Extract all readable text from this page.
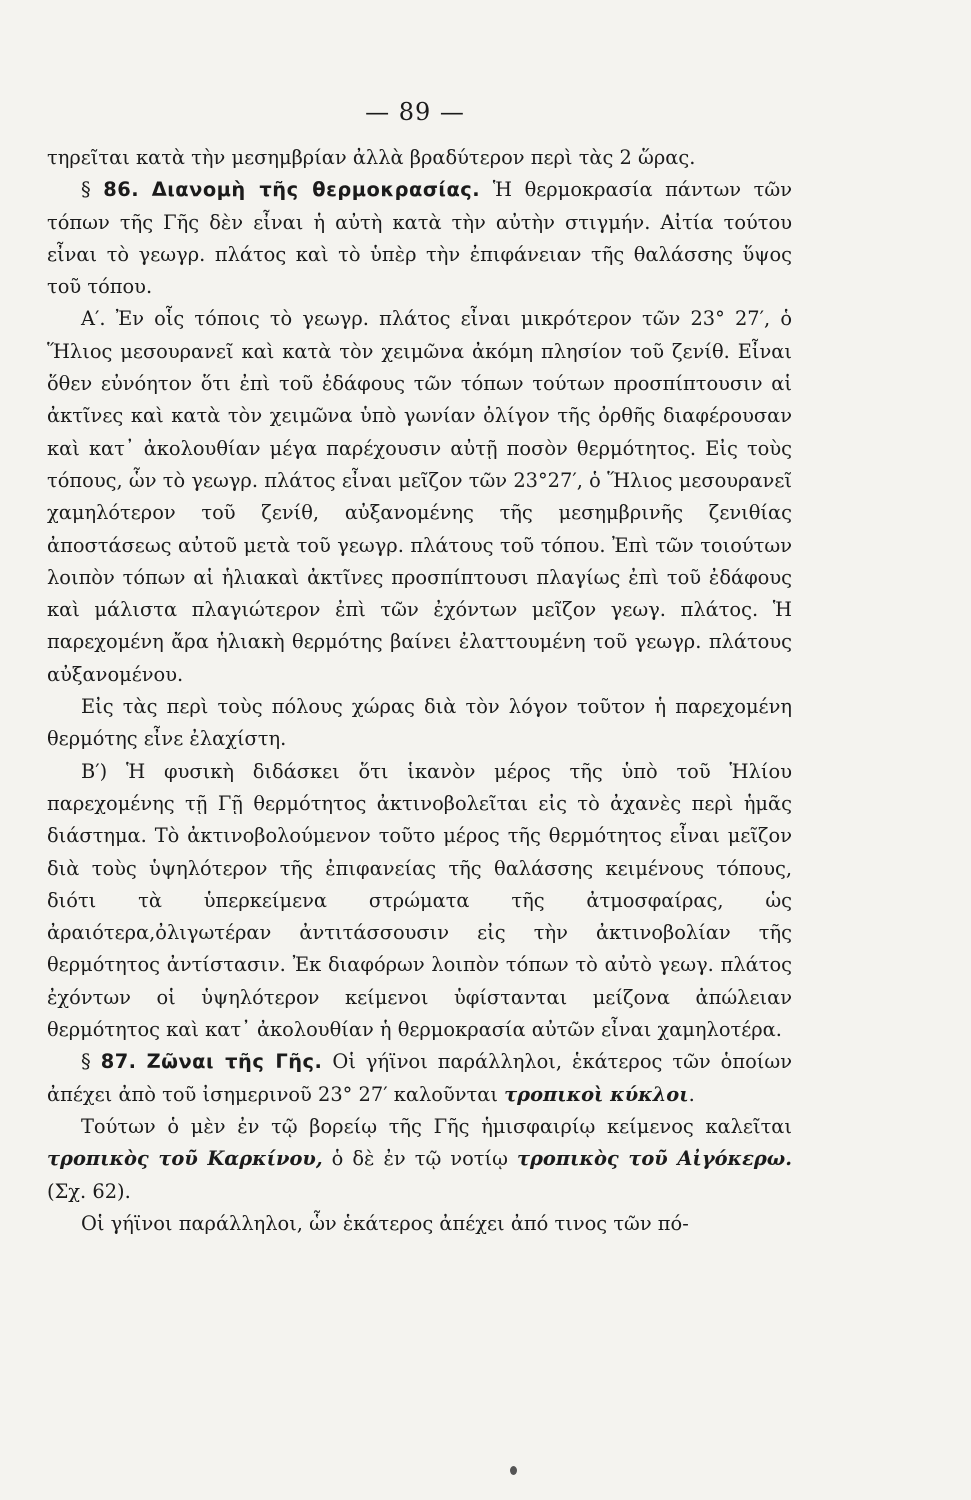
— 89 —

τηρεῖται κατὰ τὴν μεσημβρίαν ἀλλὰ βραδύτερον περὶ τὰς 2 ὥρας.

§ 86. Διανομὴ τῆς θερμοκρασίας. Ἡ θερμοκρασία πάντων τῶν τόπων τῆς Γῆς δὲν εἶναι ἡ αὐτὴ κατὰ τὴν αὐτὴν στιγμήν. Αἰτία τούτου εἶναι τὸ γεωγρ. πλάτος καὶ τὸ ὑπὲρ τὴν ἐπιφάνειαν τῆς θαλάσσης ὕψος τοῦ τόπου.

Α′. Ἐν οἷς τόποις τὸ γεωγρ. πλάτος εἶναι μικρότερον τῶν 23° 27′, ὁ Ἥλιος μεσουρανεῖ καὶ κατὰ τὸν χειμῶνα ἀκόμη πλησίον τοῦ ζενίθ. Εἶναι ὅθεν εὐνόητον ὅτι ἐπὶ τοῦ ἐδάφους τῶν τόπων τούτων προσπίπτουσιν αἱ ἀκτῖνες καὶ κατὰ τὸν χειμῶνα ὑπὸ γωνίαν ὀλίγον τῆς ὀρθῆς διαφέρουσαν καὶ κατ᾽ ἀκολουθίαν μέγα παρέχουσιν αὐτῇ ποσὸν θερμότητος. Εἰς τοὺς τόπους, ὧν τὸ γεωγρ. πλάτος εἶναι μεῖζον τῶν 23°27′, ὁ Ἥλιος μεσουρανεῖ χαμηλότερον τοῦ ζενίθ, αὐξανομένης τῆς μεσημβρινῆς ζενιθίας ἀποστάσεως αὐτοῦ μετὰ τοῦ γεωγρ. πλάτους τοῦ τόπου. Ἐπὶ τῶν τοιούτων λοιπὸν τόπων αἱ ἡλιακαὶ ἀκτῖνες προσπίπτουσι πλαγίως ἐπὶ τοῦ ἐδάφους καὶ μάλιστα πλαγιώτερον ἐπὶ τῶν ἐχόντων μεῖζον γεωγ. πλάτος. Ἡ παρεχομένη ἄρα ἡλιακὴ θερμότης βαίνει ἐλαττουμένη τοῦ γεωγρ. πλάτους αὐξανομένου.

Εἰς τὰς περὶ τοὺς πόλους χώρας διὰ τὸν λόγον τοῦτον ἡ παρεχομένη θερμότης εἶνε ἐλαχίστη.

Β′) Ἡ φυσικὴ διδάσκει ὅτι ἱκανὸν μέρος τῆς ὑπὸ τοῦ Ἡλίου παρεχομένης τῇ Γῇ θερμότητος ἀκτινοβολεῖται εἰς τὸ ἀχανὲς περὶ ἡμᾶς διάστημα. Τὸ ἀκτινοβολούμενον τοῦτο μέρος τῆς θερμότητος εἶναι μεῖζον διὰ τοὺς ὑψηλότερον τῆς ἐπιφανείας τῆς θαλάσσης κειμένους τόπους, διότι τὰ ὑπερκείμενα στρώματα τῆς ἀτμοσφαίρας, ὡς ἀραιότερα,ὀλιγωτέραν ἀντιτάσσουσιν εἰς τὴν ἀκτινοβολίαν τῆς θερμότητος ἀντίστασιν. Ἐκ διαφόρων λοιπὸν τόπων τὸ αὐτὸ γεωγ. πλάτος ἐχόντων οἱ ὑψηλότερον κείμενοι ὑφίστανται μείζονα ἀπώλειαν θερμότητος καὶ κατ᾽ ἀκολουθίαν ἡ θερμοκρασία αὐτῶν εἶναι χαμηλοτέρα.

§ 87. Ζῶναι τῆς Γῆς. Οἱ γήϊνοι παράλληλοι, ἑκάτερος τῶν ὁποίων ἀπέχει ἀπὸ τοῦ ἰσημερινοῦ 23° 27′ καλοῦνται τροπικοὶ κύκλοι.

Τούτων ὁ μὲν ἐν τῷ βορείῳ τῆς Γῆς ἡμισφαιρίῳ κείμενος καλεῖται τροπικὸς τοῦ Καρκίνου, ὁ δὲ ἐν τῷ νοτίῳ τροπικὸς τοῦ Αἰγόκερω. (Σχ. 62).

Οἱ γήϊνοι παράλληλοι, ὧν ἑκάτερος ἀπέχει ἀπό τινος τῶν πό-
